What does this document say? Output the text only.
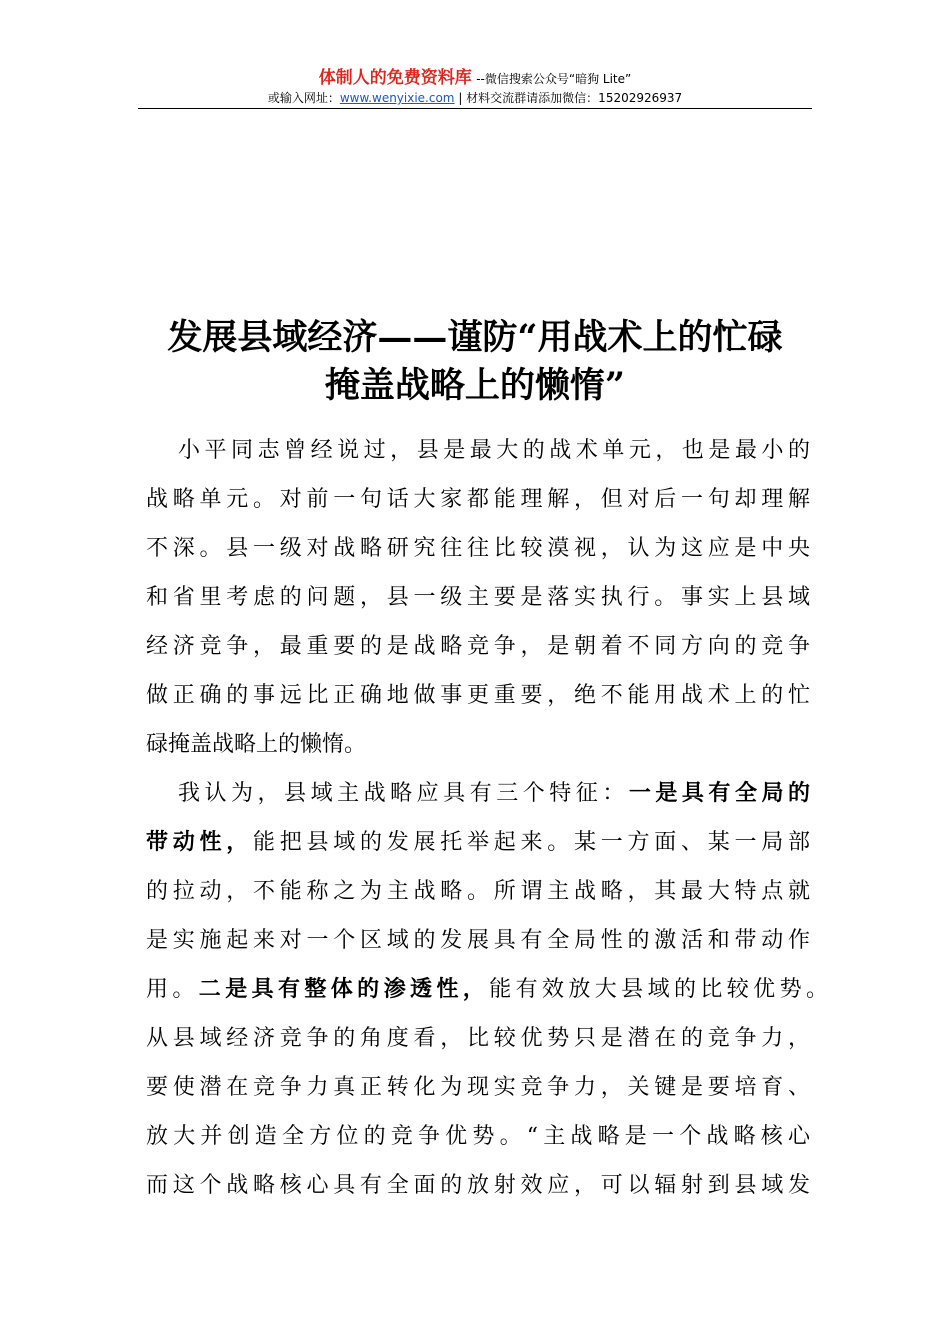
体制人的免费资料库 --微信搜索公众号“暗狗 Lite”
或输入网址：www.wenyixie.com | 材料交流群请添加微信：15202926937
发展县域经济——谨防“用战术上的忙碌
掩盖战略上的懒惰”
小平同志曾经说过，县是最大的战术单元，也是最小的
战略单元。对前一句话大家都能理解，但对后一句却理解
不深。县一级对战略研究往往比较漠视，认为这应是中央
和省里考虑的问题，县一级主要是落实执行。事实上县域
经济竞争，最重要的是战略竞争，是朝着不同方向的竞争
做正确的事远比正确地做事更重要，绝不能用战术上的忙
碌掩盖战略上的懒惰。
我认为，县域主战略应具有三个特征：一是具有全局的
带动性，能把县域的发展托举起来。某一方面、某一局部
的拉动，不能称之为主战略。所谓主战略，其最大特点就
是实施起来对一个区域的发展具有全局性的激活和带动作
用。二是具有整体的渗透性，能有效放大县域的比较优势。
从县域经济竞争的角度看，比较优势只是潜在的竞争力，
要使潜在竞争力真正转化为现实竞争力，关键是要培育、
放大并创造全方位的竞争优势。“主战略是一个战略核心
而这个战略核心具有全面的放射效应，可以辐射到县域发
